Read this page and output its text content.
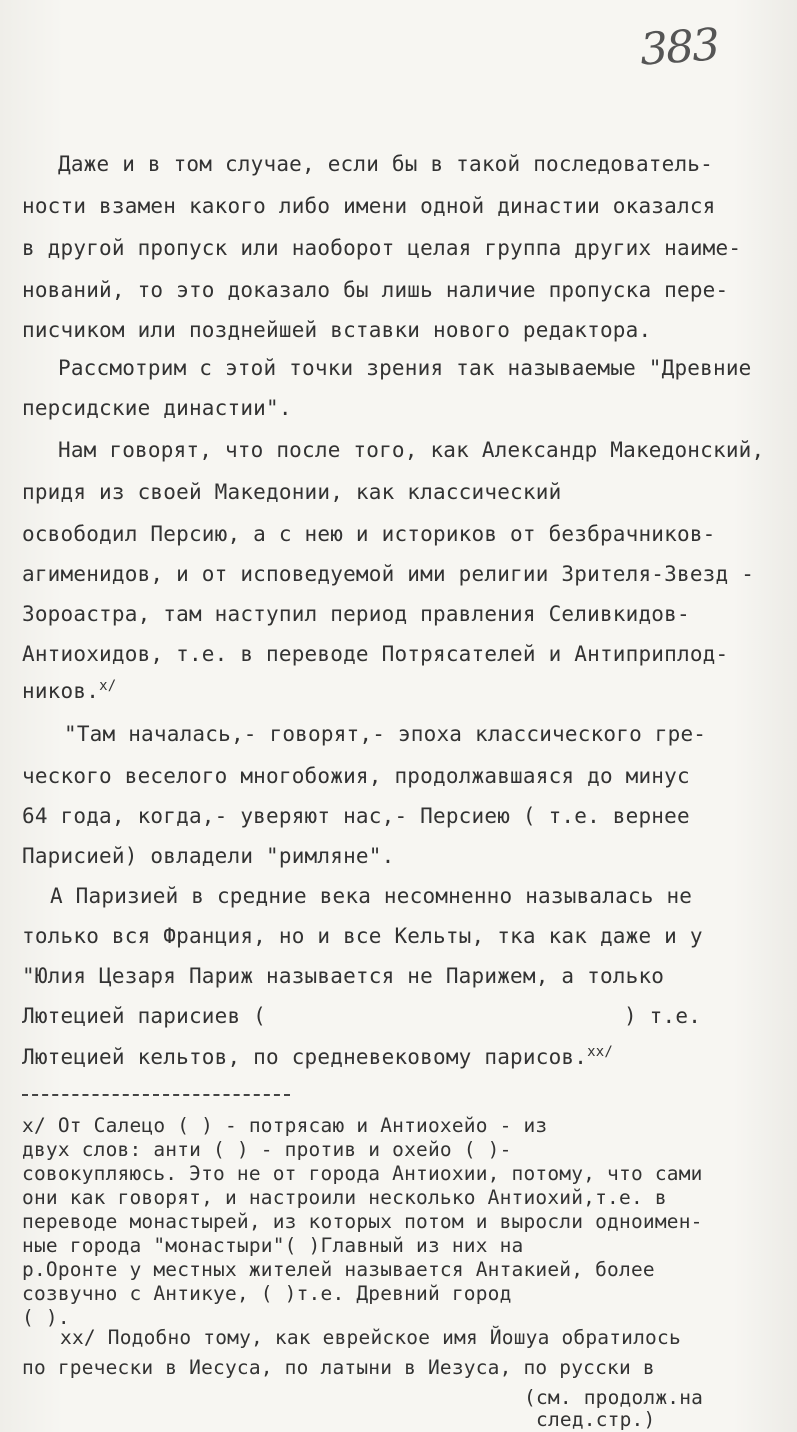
383
Даже и в том случае, если бы в такой последователь-
ности взамен какого либо имени одной династии оказался
в другой пропуск или наоборот целая группа других наиме-
нований, то это доказало бы лишь наличие пропуска пере-
писчиком или позднейшей вставки нового редактора.
Рассмотрим с этой точки зрения так называемые "Древние
персидские династии".
Нам говорят, что после того, как Александр Македонский,
придя из своей Македонии, как классический
освободил Персию, а с нею и историков от безбрачников-
агименидов, и от исповедуемой ими религии Зрителя-Звезд -
Зороастра, там наступил период правления Селивкидов-
Антиохидов, т.е. в переводе Потрясателей и Антиприплод-
ников.$^{x/}$
"Там началась,- говорят,- эпоха классического гре-
ческого веселого многобожия, продолжавшаяся до минус
64 года, когда,- уверяют нас,- Персиею ( т.е. вернее
Парисией) овладели "римляне".
А Паризией в средние века несомненно называлась не
только вся Франция, но и все Кельты, тка как даже и у
"Юлия Цезаря Париж называется не Парижем, а только
Лютецией парисиев (	) т.е.
Лютецией кельтов, по средневековому парисов.$^{xx/}$
x/ От Салецо ( ) - потрясаю и Антиохейо - из
двух слов: анти ( ) - против и охейо ( )-
совокупляюсь. Это не от города Антиохии, потому, что сами
они как говорят, и настроили несколько Антиохий,т.е. в
переводе монастырей, из которых потом и выросли одноимен-
ные города "монастыри"( )Главный из них на
р.Оронте у местных жителей называется Антакией, более
созвучно с Антикуе, ( )т.е. Древний город
( ).
xx/ Подобно тому, как еврейское имя Йошуа обратилось
по гречески в Иесуса, по латыни в Иезуса, по русски в
(см. продолж.на
след.стр.)
